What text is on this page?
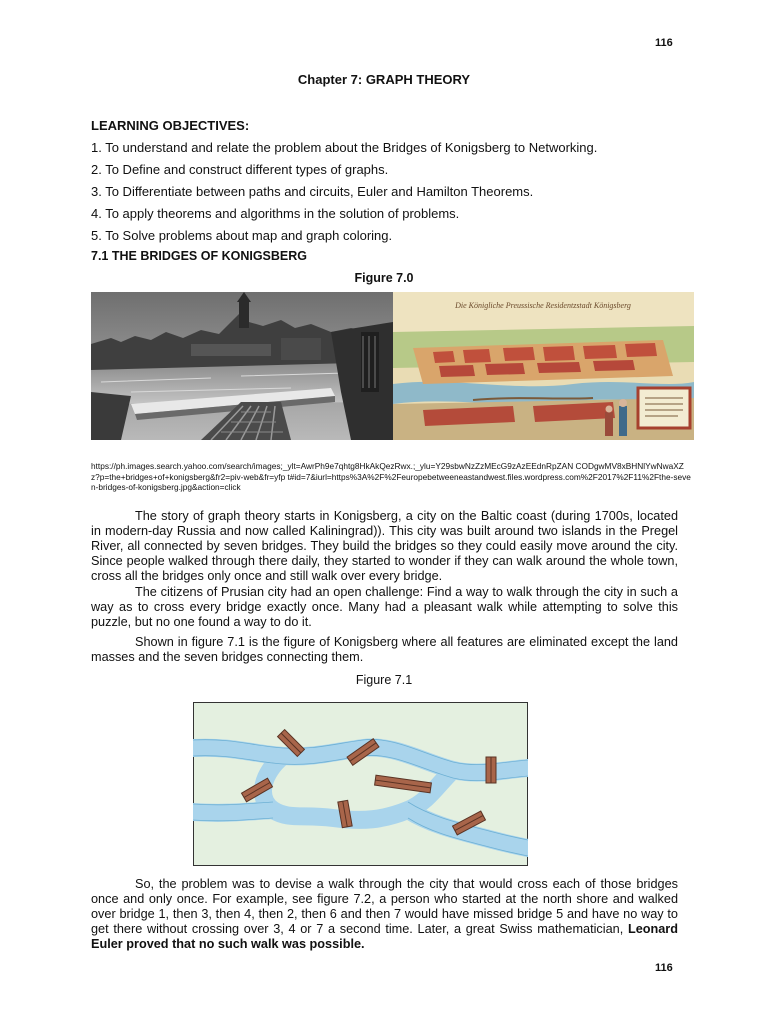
116
116
Chapter 7: GRAPH THEORY
LEARNING OBJECTIVES:
1. To understand and relate the problem about the Bridges of Konigsberg to Networking.
2. To Define and construct different types of graphs.
3. To Differentiate between paths and circuits, Euler and Hamilton Theorems.
4. To apply theorems and algorithms in the solution of problems.
5. To Solve problems about map and graph coloring.
7.1 THE BRIDGES OF KONIGSBERG
Figure 7.0
Die Königliche Preussische Residentzstadt Königsberg
https://ph.images.search.yahoo.com/search/images;_ylt=AwrPh9e7qhtg8HkAkQezRwx.;_ylu=Y29sbwNzZzMEcG9zAzEEdnRpZAN CODgwMV8xBHNlYwNwaXZz?p=the+bridges+of+konigsberg&fr2=piv-web&fr=yfp t#id=7&iurl=https%3A%2F%2Feuropebetweeneastandwest.files.wordpress.com%2F2017%2F11%2Fthe-seven-bridges-of-konigsberg.jpg&action=click
The story of graph theory starts in Konigsberg, a city on the Baltic coast (during 1700s, located in modern-day Russia and now called Kaliningrad)). This city was built around two islands in the Pregel River, all connected by seven bridges. They build the bridges so they could easily move around the city. Since people walked through there daily, they started to wonder if they can walk around the whole town, cross all the bridges only once and still walk over every bridge.
The citizens of Prusian city had an open challenge: Find a way to walk through the city in such a way as to cross every bridge exactly once. Many had a pleasant walk while attempting to solve this puzzle, but no one found a way to do it.
Shown in figure 7.1 is the figure of Konigsberg where all features are eliminated except the land masses and the seven bridges connecting them.
Figure 7.1
So, the problem was to devise a walk through the city that would cross each of those bridges once and only once. For example, see figure 7.2, a person who started at the north shore and walked over bridge 1, then 3, then 4, then 2, then 6 and then 7 would have missed bridge 5 and have no way to get there without crossing over 3, 4 or 7 a second time. Later, a great Swiss mathematician, Leonard Euler proved that no such walk was possible.
